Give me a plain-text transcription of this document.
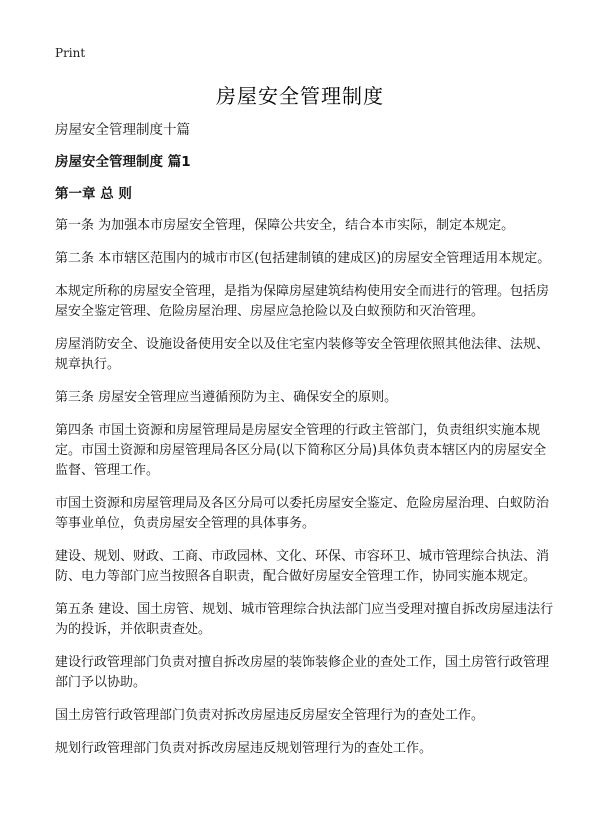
Print
房屋安全管理制度

房屋安全管理制度十篇

房屋安全管理制度 篇1

第一章 总 则

第一条 为加强本市房屋安全管理，保障公共安全，结合本市实际，制定本规定。

第二条 本市辖区范围内的城市市区(包括建制镇的建成区)的房屋安全管理适用本规定。

本规定所称的房屋安全管理，是指为保障房屋建筑结构使用安全而进行的管理。包括房屋安全鉴定管理、危险房屋治理、房屋应急抢险以及白蚁预防和灭治管理。

房屋消防安全、设施设备使用安全以及住宅室内装修等安全管理依照其他法律、法规、规章执行。

第三条 房屋安全管理应当遵循预防为主、确保安全的原则。

第四条 市国土资源和房屋管理局是房屋安全管理的行政主管部门，负责组织实施本规定。市国土资源和房屋管理局各区分局(以下简称区分局)具体负责本辖区内的房屋安全监督、管理工作。

市国土资源和房屋管理局及各区分局可以委托房屋安全鉴定、危险房屋治理、白蚁防治等事业单位，负责房屋安全管理的具体事务。

建设、规划、财政、工商、市政园林、文化、环保、市容环卫、城市管理综合执法、消防、电力等部门应当按照各自职责，配合做好房屋安全管理工作，协同实施本规定。

第五条 建设、国土房管、规划、城市管理综合执法部门应当受理对擅自拆改房屋违法行为的投诉，并依职责查处。

建设行政管理部门负责对擅自拆改房屋的装饰装修企业的查处工作，国土房管行政管理部门予以协助。

国土房管行政管理部门负责对拆改房屋违反房屋安全管理行为的查处工作。

规划行政管理部门负责对拆改房屋违反规划管理行为的查处工作。
